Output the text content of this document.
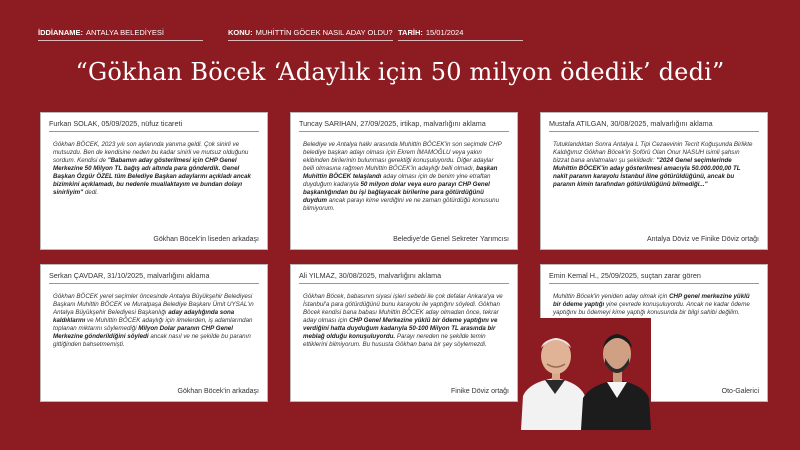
İDDİANAME: ANTALYA BELEDİYESİ	KONU: MUHİTTİN GÖCEK NASIL ADAY OLDU? TARİH: 15/01/2024
“Gökhan Böcek ‘Adaylık için 50 milyon ödedik’ dedi”
Furkan SOLAK, 05/09/2025, nüfuz ticareti
Gökhan BÖCEK, 2023 yılı son aylarında yanıma geldi. Çok sinirli ve mutsuzdu. Ben de kendisine neden bu kadar sinirli ve mutsuz olduğunu sordum. Kendisi de "Babamın aday gösterilmesi için CHP Genel Merkezine 50 Milyon TL bağış adı altında para gönderdik. Genel Başkan Özgür ÖZEL tüm Belediye Başkan adaylarını açıkladı ancak bizimkini açıklamadı, bu nedenle muallaktayım ve bundan dolayı sinirliyim" dedi.
Gökhan Böcek'in liseden arkadaşı
Tuncay SARIHAN, 27/09/2025, irtikap, malvarlığını aklama
Belediye ve Antalya halkı arasında Muhittin BÖCEK'in son seçimde CHP belediye başkan adayı olması için Ekrem İMAMOĞLU veya yakın ekibinden birilerinin bulunması gerektiği konuşuluyordu. Diğer adaylar belli olmasına rağmen Muhittin BÖCEK'in adaylığı belli olmadı, başkan Muhittin BÖCEK telaşlandı aday olması için de benim yine etraftan duyduğum kadarıyla 50 milyon dolar veya euro parayı CHP Genel başkanlığından bu işi bağlayacak birilerine para götürdüğünü duydum ancak parayı kime verdiğini ve ne zaman götürdüğü konusunu bilmiyorum.
Belediye'de Genel Sekreter Yarımcısı
Mustafa ATILGAN, 30/08/2025, malvarlığını aklama
Tutuklandıktan Sonra Antalya L Tipi Cezaevinin Tecrit Koğuşunda Birlikte Kaldığımız Gökhan Böcek'in Şoförü Olan Onur NASUH isimli şahsın bizzat bana anlatmaları şu şekildedir: "2024 Genel seçimlerinde Muhittin BÖCEK'in aday gösterilmesi amacıyla 50.000.000,00 TL nakit paranın karayolu İstanbul iline götürüldüğünü, ancak bu paranın kimin tarafından götürüldüğünü bilmediği..."
Antalya Döviz ve Finike Döviz ortağı
Serkan ÇAVDAR, 31/10/2025, malvarlığını aklama
Gökhan BÖCEK yerel seçimler öncesinde Antalya Büyükşehir Belediyesi Başkanı Muhittin BÖCEK ve Muratpaşa Belediye Başkanı Ümit UYSAL'ın Antalya Büyükşehir Belediyesi Başkanlığı aday adaylığında sona kaldıklarını ve Muhittin BÖCEK adaylığı için ilmelerden, iş adamlarından toplanan miktarını söylemediği Milyon Dolar paranın CHP Genel Merkezine gönderildiğini söyledi ancak nasıl ve ne şekilde bu paranın gittiğinden bahsetmemişti.
Gökhan Böcek'in arkadaşı
Ali YILMAZ, 30/08/2025, malvarlığını aklama
Gökhan Böcek, babasının siyasi işleri sebebi ile çok defalar Ankara'ya ve İstanbul'a para götürdüğünü bunu karayolu ile yaptığını söyledi. Gökhan Böcek kendisi bana babası Muhittin BÖCEK aday olmadan önce, tekrar aday olması için CHP Genel Merkezine yüklü bir ödeme yaptığını ve verdiğini hatta duyduğum kadarıyla 50-100 Milyon TL arasında bir meblağ olduğu konuşuluyordu. Parayı nereden ne şekilde temin ettiklerini bilmiyorum. Bu hususta Gökhan bana bir şey söylemezdi.
Finike Döviz ortağı
Emin Kemal H., 25/09/2025, suçtan zarar gören
Muhittin Böcek'in yeniden aday olmak için CHP genel merkezine yüklü bir ödeme yaptığı yine çevrede konuşuluyordu. Ancak ne kadar ödeme yaptığını bu ödemeyi kime yaptığı konusunda bir bilgi sahibi değilim.
Oto-Galerici
